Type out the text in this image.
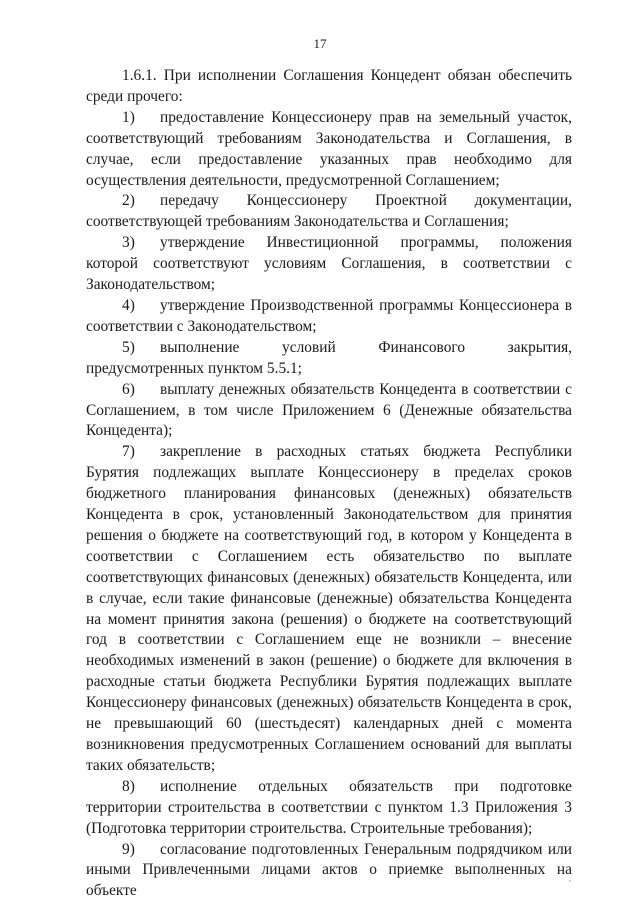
17

1.6.1. При исполнении Соглашения Концедент обязан обеспечить среди прочего:

1) предоставление Концессионеру прав на земельный участок, соответствующий требованиям Законодательства и Соглашения, в случае, если предоставление указанных прав необходимо для осуществления деятельности, предусмотренной Соглашением;

2) передачу Концессионеру Проектной документации, соответствующей требованиям Законодательства и Соглашения;

3) утверждение Инвестиционной программы, положения которой соответствуют условиям Соглашения, в соответствии с Законодательством;

4) утверждение Производственной программы Концессионера в соответствии с Законодательством;

5) выполнение условий Финансового закрытия, предусмотренных пунктом 5.5.1;

6) выплату денежных обязательств Концедента в соответствии с Соглашением, в том числе Приложением 6 (Денежные обязательства Концедента);

7) закрепление в расходных статьях бюджета Республики Бурятия подлежащих выплате Концессионеру в пределах сроков бюджетного планирования финансовых (денежных) обязательств Концедента в срок, установленный Законодательством для принятия решения о бюджете на соответствующий год, в котором у Концедента в соответствии с Соглашением есть обязательство по выплате соответствующих финансовых (денежных) обязательств Концедента, или в случае, если такие финансовые (денежные) обязательства Концедента на момент принятия закона (решения) о бюджете на соответствующий год в соответствии с Соглашением еще не возникли – внесение необходимых изменений в закон (решение) о бюджете для включения в расходные статьи бюджета Республики Бурятия подлежащих выплате Концессионеру финансовых (денежных) обязательств Концедента в срок, не превышающий 60 (шестьдесят) календарных дней с момента возникновения предусмотренных Соглашением оснований для выплаты таких обязательств;

8) исполнение отдельных обязательств при подготовке территории строительства в соответствии с пунктом 1.3 Приложения 3 (Подготовка территории строительства. Строительные требования);

9) согласование подготовленных Генеральным подрядчиком или иными Привлеченными лицами актов о приемке выполненных на объекте
